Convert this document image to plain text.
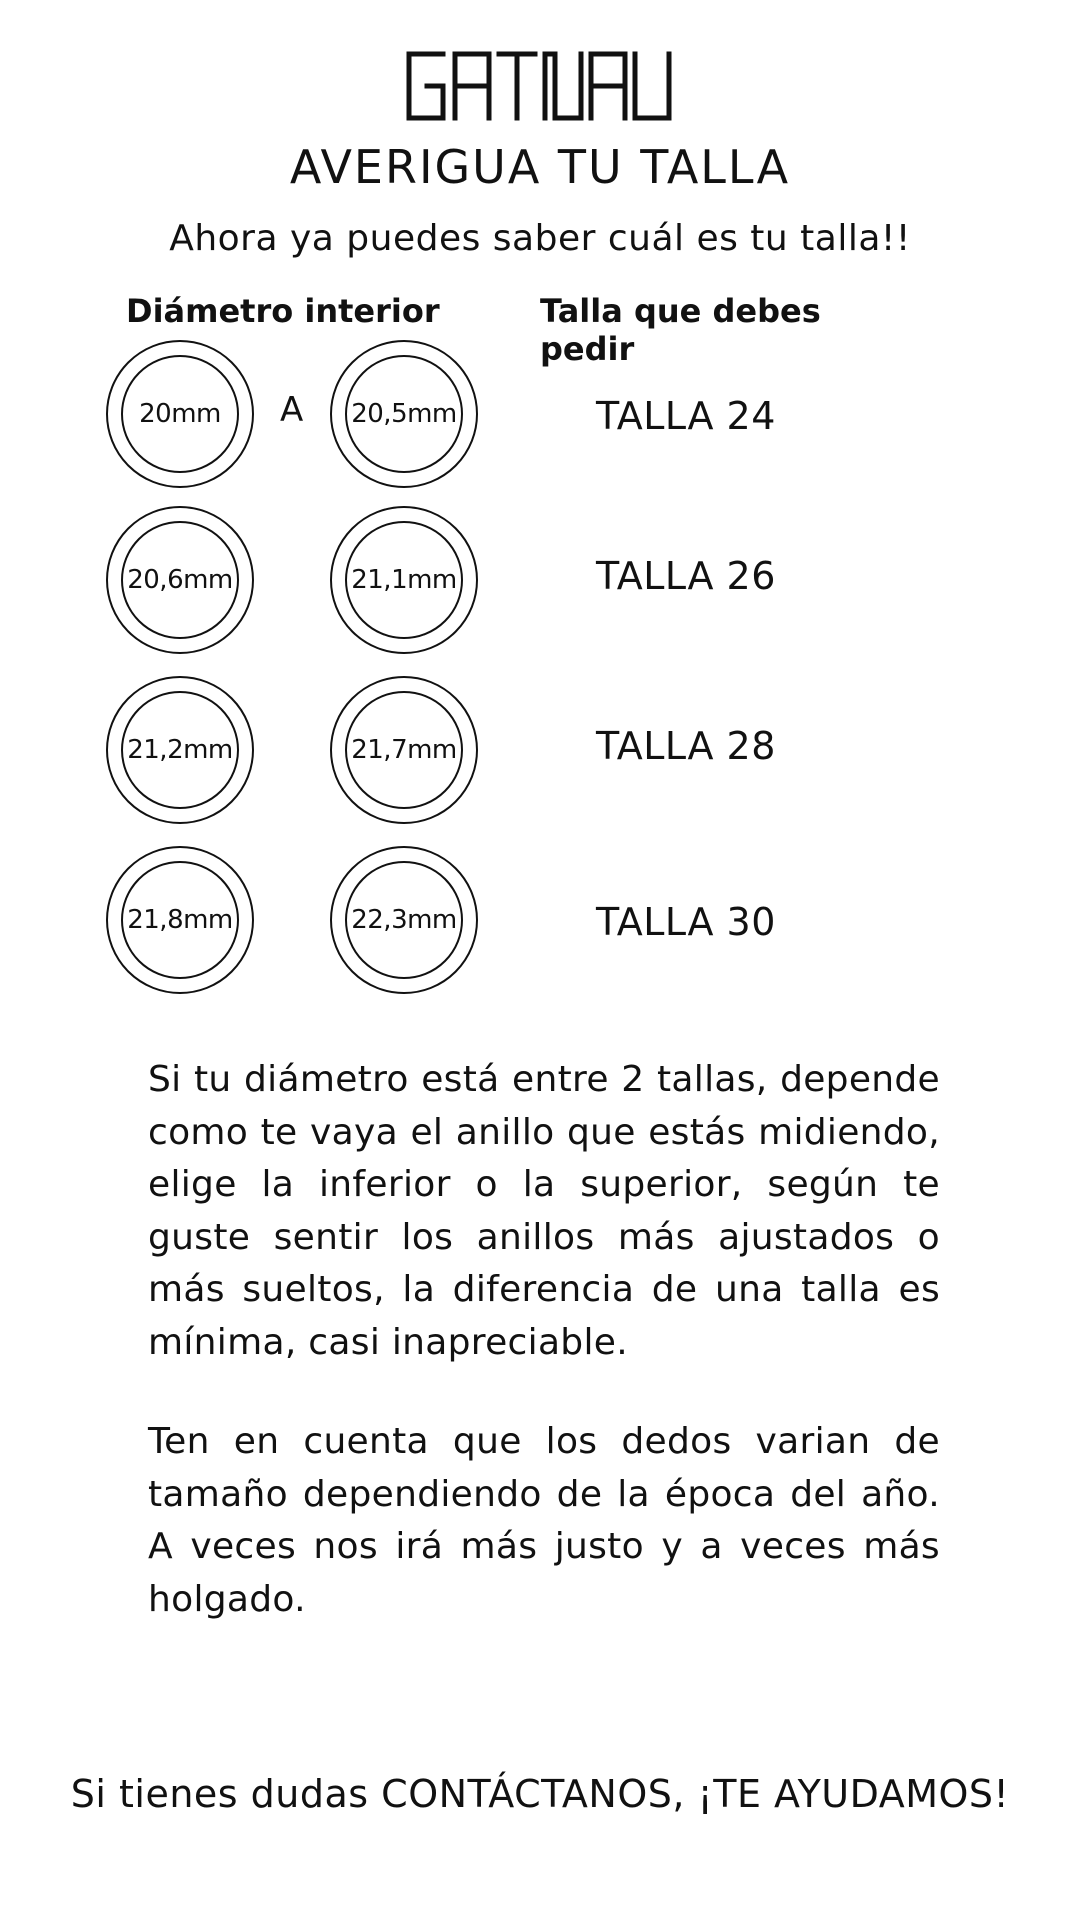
AVERIGUA TU TALLA
Ahora ya puedes saber cuál es tu talla!!
Diámetro interior	Talla que debes pedir
20mm A 20,5mm	TALLA 24
20,6mm	21,1mm	TALLA 26
21,2mm	21,7mm	TALLA 28
21,8mm	22,3mm	TALLA 30
Si tu diámetro está entre 2 tallas, depende como te vaya el anillo que estás midiendo, elige la inferior o la superior, según te guste sentir los anillos más ajustados o más sueltos, la diferencia de una talla es mínima, casi inapreciable.
Ten en cuenta que los dedos varian de tamaño dependiendo de la época del año. A veces nos irá más justo y a veces más holgado.
Si tienes dudas CONTÁCTANOS, ¡TE AYUDAMOS!
